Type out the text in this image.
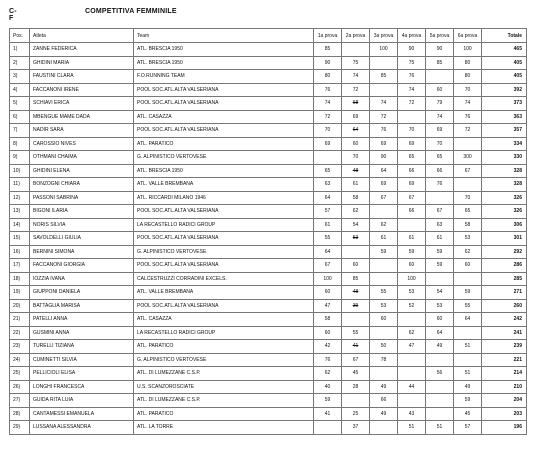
C-F
COMPETITIVA FEMMINILE
Pos.	Atleta	Team	1a prova	2a prova	3a prova	4a prova	5a prova	6a prova	Totale
1)	ZANNE FEDERICA	ATL. BRESCIA 1950	85		100	90	90	100	465
2)	GHIDINI MARIA	ATL. BRESCIA 1950	90	75		75	85	80	405
3)	FAUSTINI CLARA	F.O.RUNNING TEAM	80	74	85	76		80	405
4)	FACCANONI IRENE	POOL SOC.ATL.ALTA VALSERIANA	76	72		74	60	70	392
5)	SCHIAVI ERICA	POOL SOC.ATL.ALTA VALSERIANA	74	68	74	72	79	74	373
6)	MBENGUE MAME DADA	ATL. CASAZZA	72	69	72		74	76	363
7)	NADIR SARA	POOL SOC.ATL.ALTA VALSERIANA	70	64	76	70	69	72	357
8)	CAROSSIO NIVES	ATL. PARATICO	69	60	69	69	70		334
9)	OTHMANI CHAIMA	G. ALPINISTICO VERTOVESE		70	90	65	65	300	330
10)	GHIDINI ELENA	ATL. BRESCIA 1950	65	48	64	66	66	67	328
11)	BONZOGNI CHIARA	ATL. VALLE BREMBANA	63	61	69	69	76		328
12)	PASSONI SABRINA	ATL. RICCARDI MILANO 1946	64	58	67	67		70	326
13)	BIGONI ILARIA	POOL SOC.ATL.ALTA VALSERIANA	57	62		66	67	65	326
14)	NORIS SILVIA	LA RECASTELLO RADICI GROUP	61	54	62		63	58	306
15)	SAVOLDELLI GIULIA	POOL SOC.ATL.ALTA VALSERIANA	55	53	61	61	61	53	301
16)	BERNINI SIMONA	G. ALPINISTICO VERTOVESE	64		59	59	59	62	292
17)	FACCANONI GIORGIA	POOL SOC.ATL.ALTA VALSERIANA	67	60		60	59	60	286
18)	IOZZIA IVANA	CALCESTRUZZI CORRADINI EXCELS.	100	85		100			285
19)	GIUPPONI DANIELA	ATL. VALLE BREMBANA	60	48	55	53	54	59	271
20)	BATTAGLIA MARISA	POOL SOC.ATL.ALTA VALSERIANA	47	39	53	52	53	55	260
21)	PATELLI ANNA	ATL. CASAZZA	58		60		60	64	242
22)	GUSMINI ANNA	LA RECASTELLO RADICI GROUP	60	55		62	64		241
23)	TURELLI TIZIANA	ATL. PARATICO	42	41	50	47	49	51	239
24)	CUMINETTI SILVIA	G. ALPINISTICO VERTOVESE	76	67	78				221
25)	PELLICIOLI ELISA	ATL. DI LUMEZZANE C.S.P.	62	45			56	51	214
26)	LONGHI FRANCESCA	U.S. SCANZOROSCIATE	40	28	49	44		49	210
27)	GUIDA RITA LUIA	ATL. DI LUMEZZANE C.S.P.	59		66			59	204
28)	CANTAMESSI EMANUELA	ATL. PARATICO	41	25	49	43		45	203
29)	LUSSANA ALESSANDRA	ATL. LA TORRE		37		51	51	57	196
